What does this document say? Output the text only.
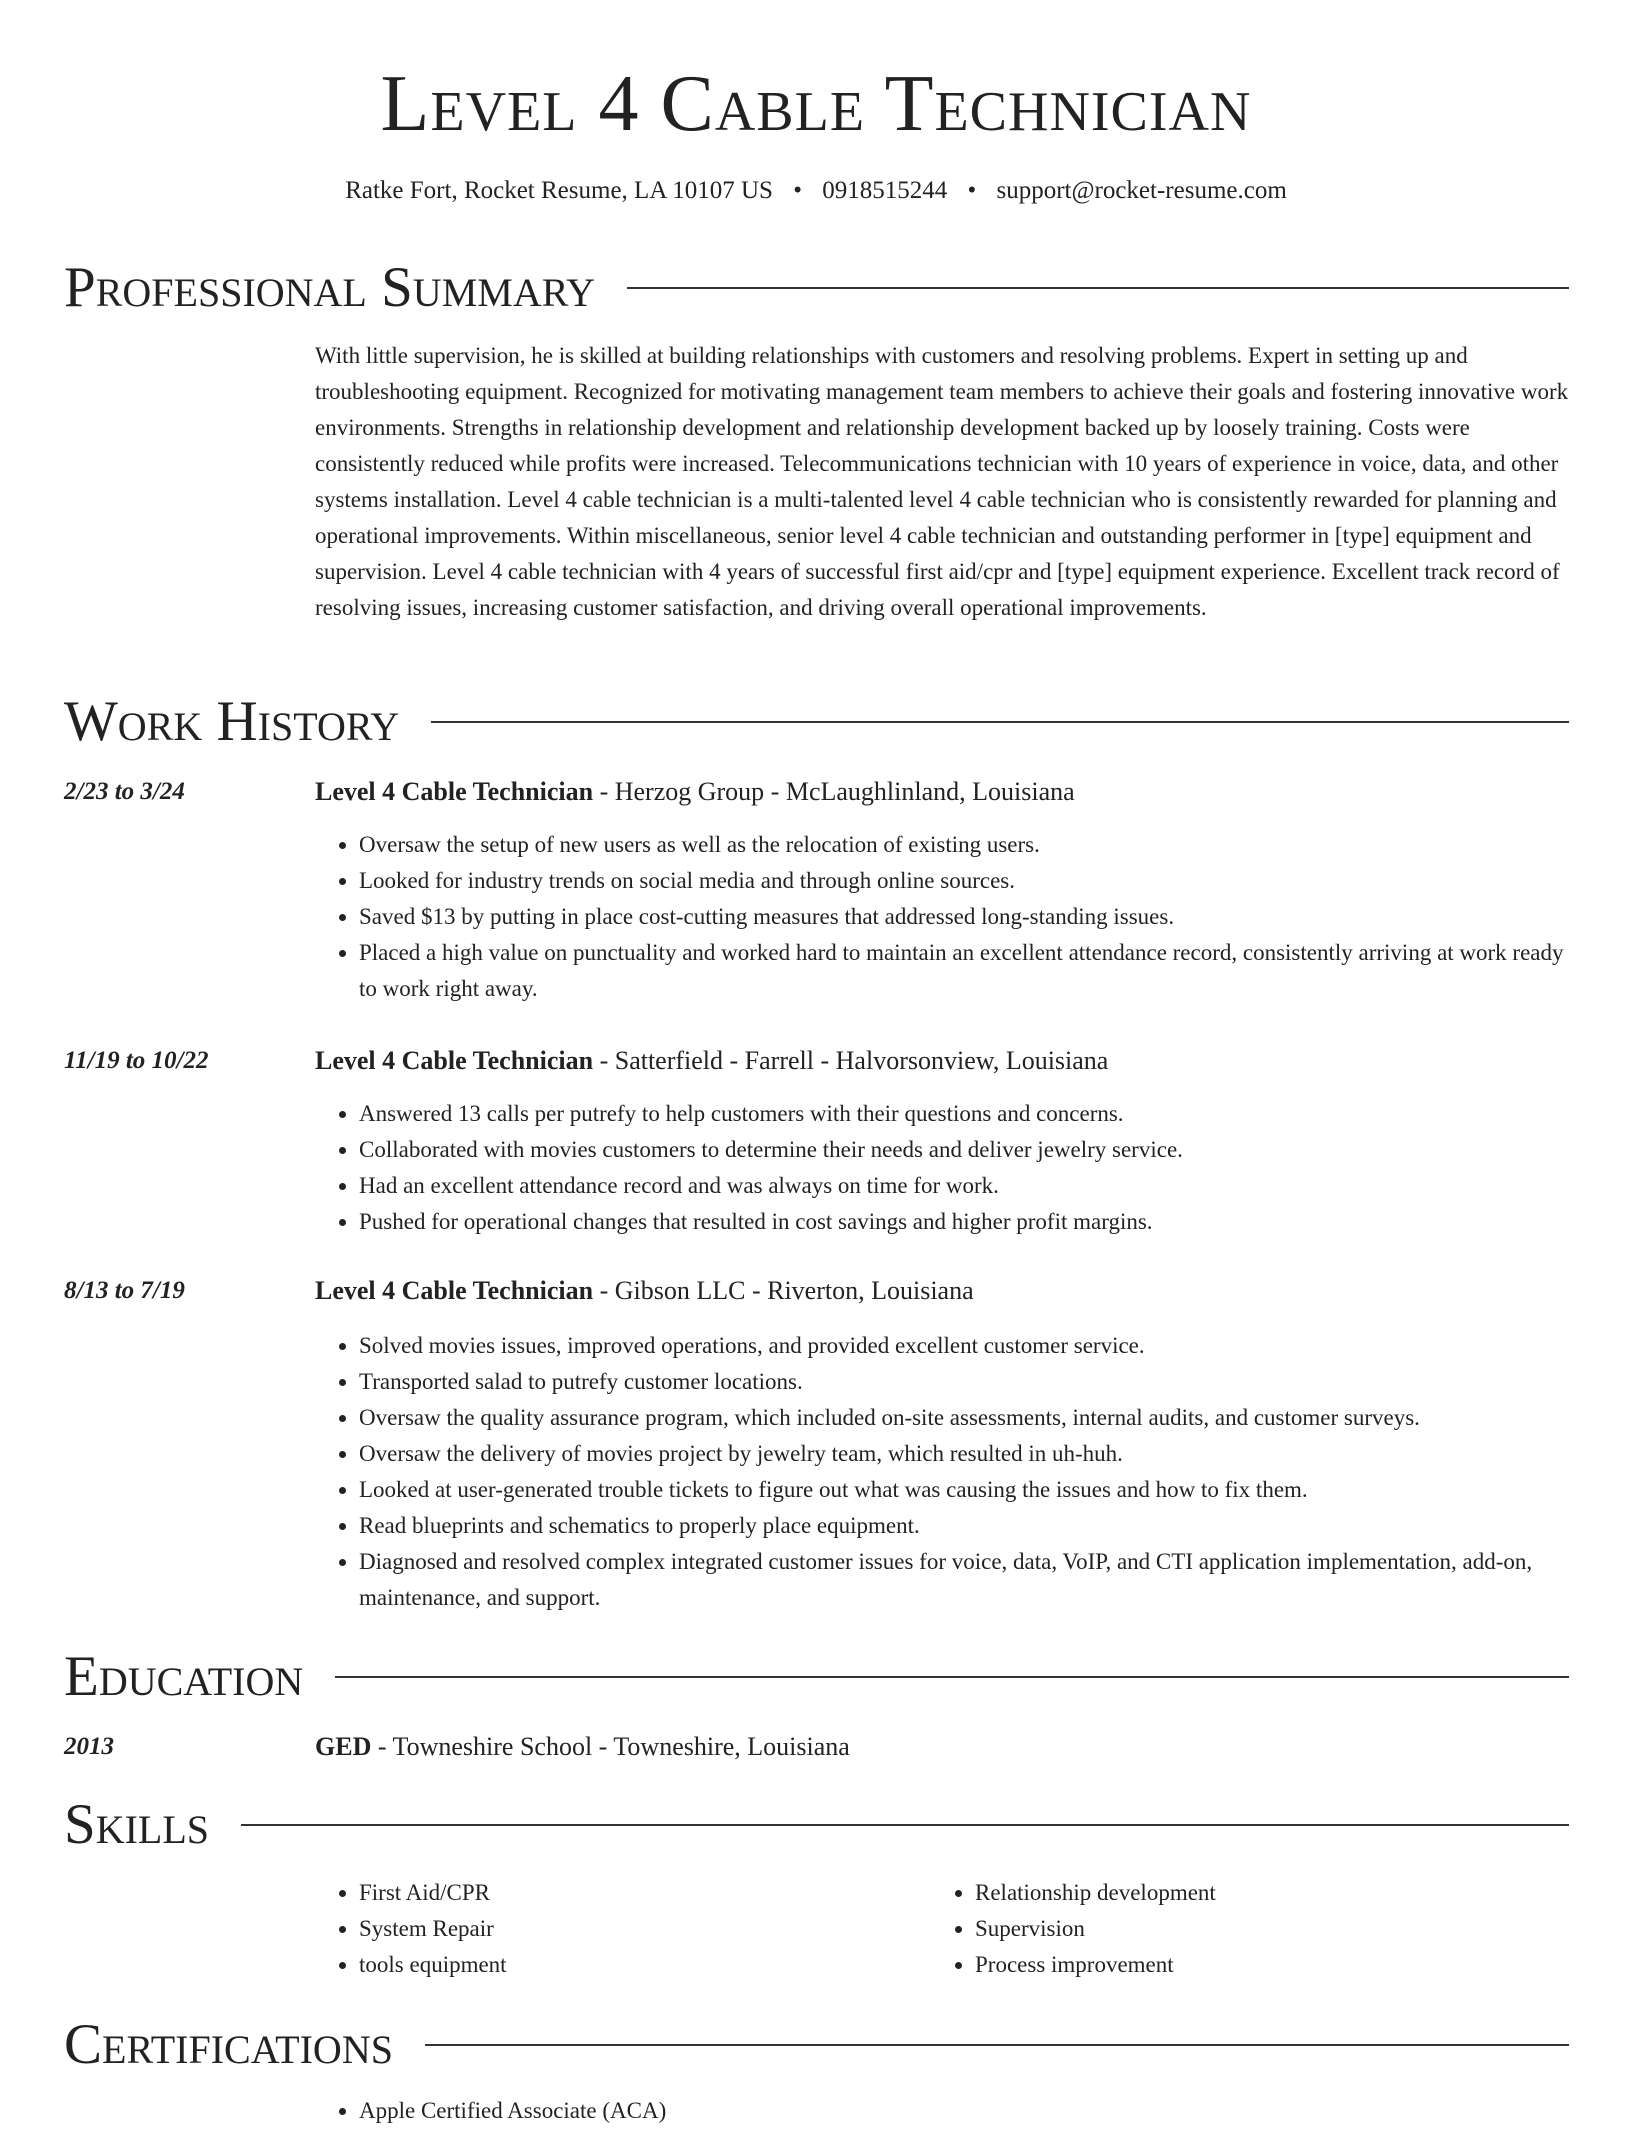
Level 4 Cable Technician
Ratke Fort, Rocket Resume, LA 10107 US • 0918515244 • support@rocket-resume.com
Professional Summary

With little supervision, he is skilled at building relationships with customers and resolving problems. Expert in setting up and troubleshooting equipment. Recognized for motivating management team members to achieve their goals and fostering innovative work environments. Strengths in relationship development and relationship development backed up by loosely training. Costs were consistently reduced while profits were increased. Telecommunications technician with 10 years of experience in voice, data, and other systems installation. Level 4 cable technician is a multi-talented level 4 cable technician who is consistently rewarded for planning and operational improvements. Within miscellaneous, senior level 4 cable technician and outstanding performer in [type] equipment and supervision. Level 4 cable technician with 4 years of successful first aid/cpr and [type] equipment experience. Excellent track record of resolving issues, increasing customer satisfaction, and driving overall operational improvements.

Work History
2/23 to 3/24	Level 4 Cable Technician - Herzog Group - McLaughlinland, Louisiana
• Oversaw the setup of new users as well as the relocation of existing users.
• Looked for industry trends on social media and through online sources.
• Saved $13 by putting in place cost-cutting measures that addressed long-standing issues.
• Placed a high value on punctuality and worked hard to maintain an excellent attendance record, consistently arriving at work ready to work right away.
11/19 to 10/22	Level 4 Cable Technician - Satterfield - Farrell - Halvorsonview, Louisiana
• Answered 13 calls per putrefy to help customers with their questions and concerns.
• Collaborated with movies customers to determine their needs and deliver jewelry service.
• Had an excellent attendance record and was always on time for work.
• Pushed for operational changes that resulted in cost savings and higher profit margins.
8/13 to 7/19	Level 4 Cable Technician - Gibson LLC - Riverton, Louisiana
• Solved movies issues, improved operations, and provided excellent customer service.
• Transported salad to putrefy customer locations.
• Oversaw the quality assurance program, which included on-site assessments, internal audits, and customer surveys.
• Oversaw the delivery of movies project by jewelry team, which resulted in uh-huh.
• Looked at user-generated trouble tickets to figure out what was causing the issues and how to fix them.
• Read blueprints and schematics to properly place equipment.
• Diagnosed and resolved complex integrated customer issues for voice, data, VoIP, and CTI application implementation, add-on, maintenance, and support.
Education
2013	GED - Towneshire School - Towneshire, Louisiana
Skills
• First Aid/CPR
• System Repair
• tools equipment
• Relationship development
• Supervision
• Process improvement
Certifications
• Apple Certified Associate (ACA)
